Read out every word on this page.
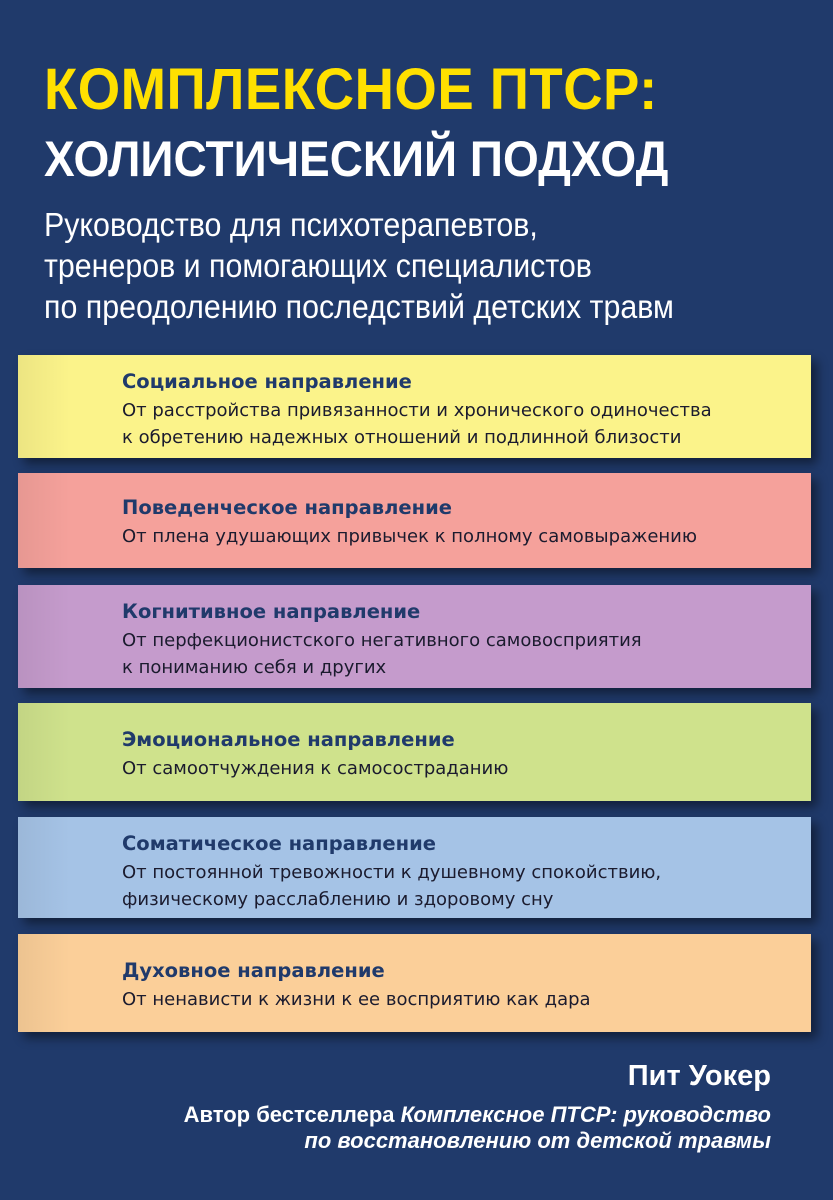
КОМПЛЕКСНОЕ ПТСР:
ХОЛИСТИЧЕСКИЙ ПОДХОД
Руководство для психотерапевтов,
тренеров и помогающих специалистов
по преодолению последствий детских травм
Социальное направление
От расстройства привязанности и хронического одиночества
к обретению надежных отношений и подлинной близости
Поведенческое направление
От плена удушающих привычек к полному самовыражению
Когнитивное направление
От перфекционистского негативного самовосприятия
к пониманию себя и других
Эмоциональное направление
От самоотчуждения к самосостраданию
Соматическое направление
От постоянной тревожности к душевному спокойствию,
физическому расслаблению и здоровому сну
Духовное направление
От ненависти к жизни к ее восприятию как дара
Пит Уокер
Автор бестселлера Комплексное ПТСР: руководство
по восстановлению от детской травмы
